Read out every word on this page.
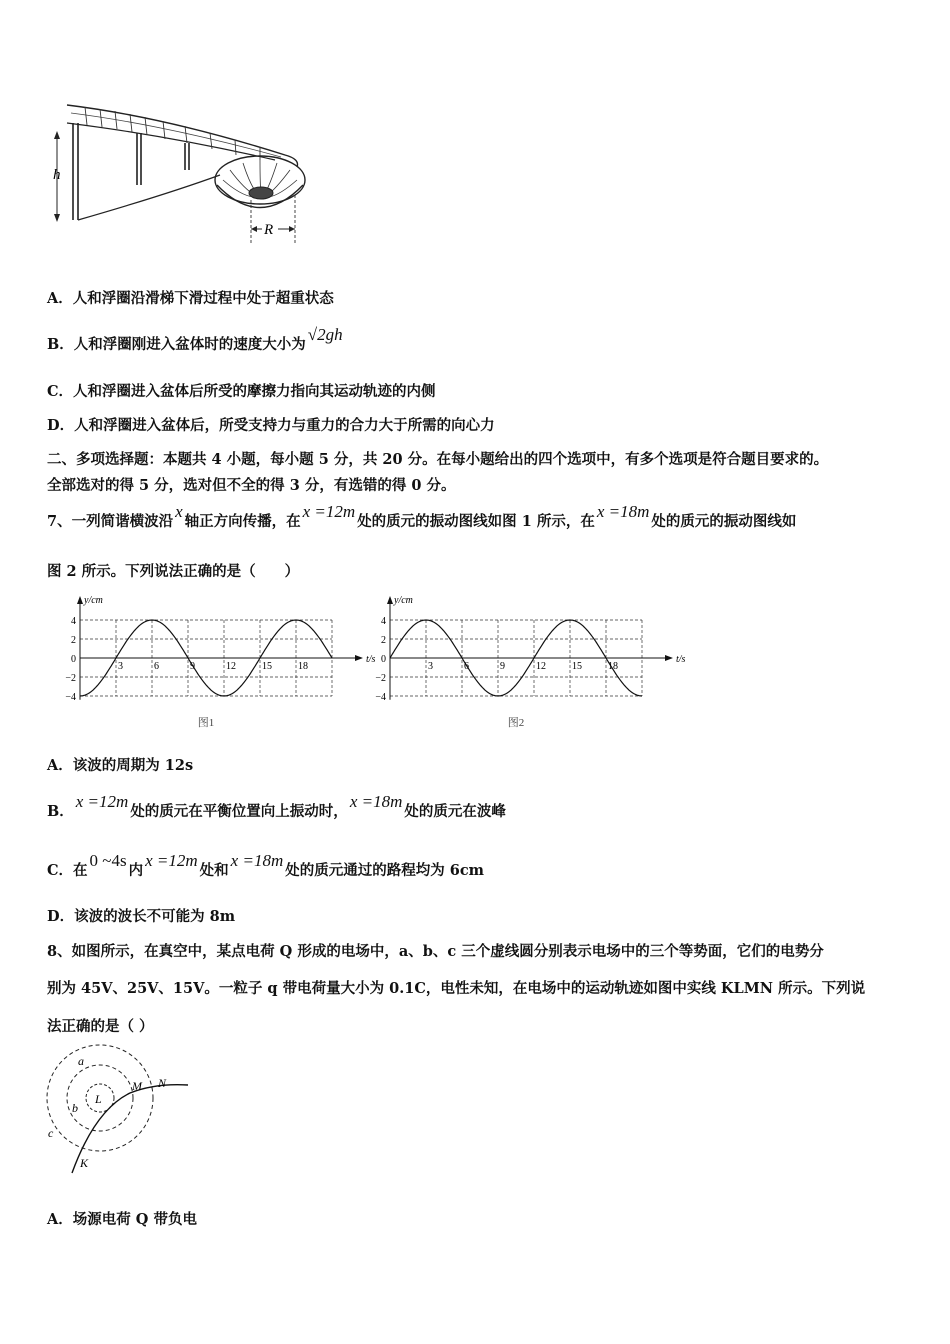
h
R
A．人和浮圈沿滑梯下滑过程中处于超重状态
B．人和浮圈刚进入盆体时的速度大小为√2gh
C．人和浮圈进入盆体后所受的摩擦力指向其运动轨迹的内侧
D．人和浮圈进入盆体后，所受支持力与重力的合力大于所需的向心力
二、多项选择题：本题共 4 小题，每小题 5 分，共 20 分。在每小题给出的四个选项中，有多个选项是符合题目要求的。
全部选对的得 5 分，选对但不全的得 3 分，有选错的得 0 分。
7、一列简谐横波沿x轴正方向传播，在x =12m处的质元的振动图线如图 1 所示，在x =18m处的质元的振动图线如
图 2 所示。下列说法正确的是（　　）
3	6	9	12	15	18
4
2
0
−2
−4
y/cm
t/s
图1
3	6	9	12	15	18
4
2
0
−2
−4
y/cm
t/s
图2
A．该波的周期为 12s
B．x =12m处的质元在平衡位置向上振动时，x =18m处的质元在波峰
C．在0 ~4s内x =12m处和x =18m处的质元通过的路程均为 6cm
D．该波的波长不可能为 8m
8、如图所示，在真空中，某点电荷 Q 形成的电场中，a、b、c 三个虚线圆分别表示电场中的三个等势面，它们的电势分
别为 45V、25V、15V。一粒子 q 带电荷量大小为 0.1C，电性未知，在电场中的运动轨迹如图中实线 KLMN 所示。下列说
法正确的是（ ）
a
b
c
L
M N
K
A．场源电荷 Q 带负电
